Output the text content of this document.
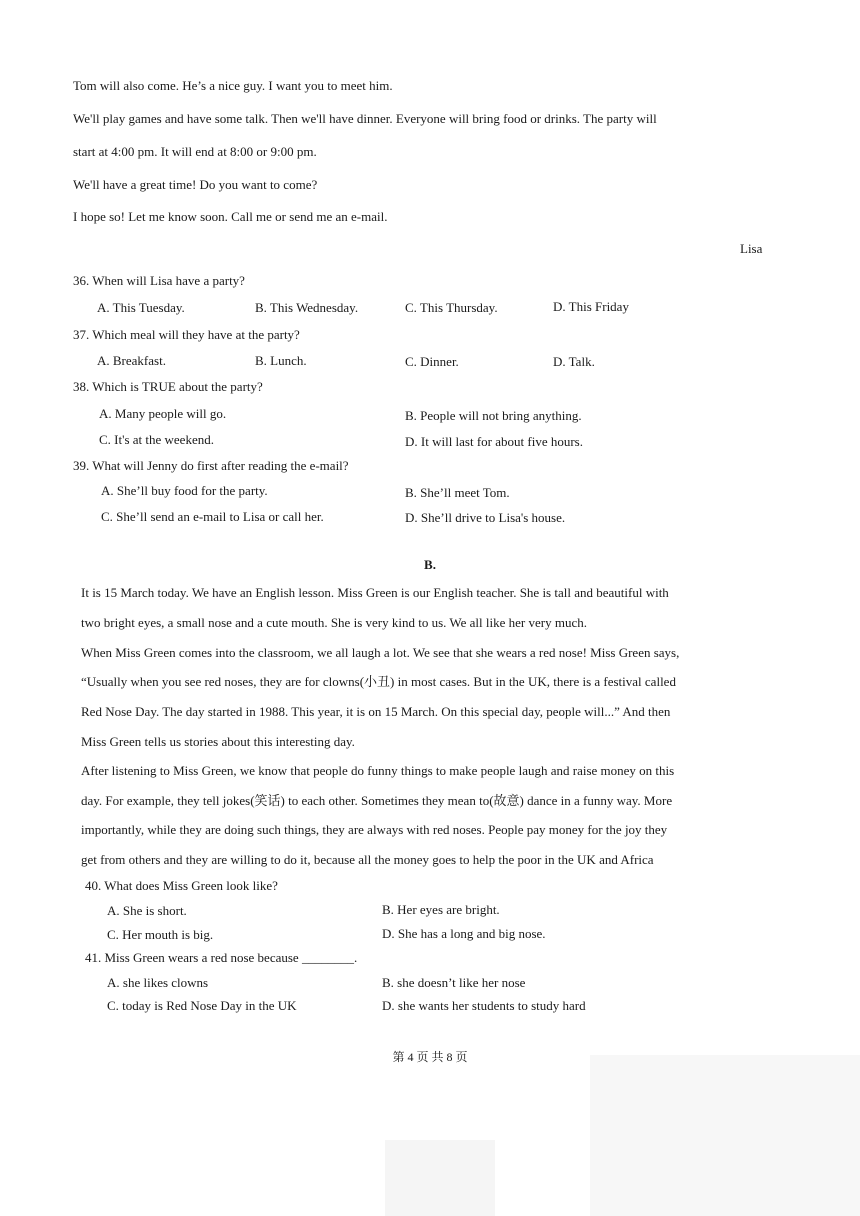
Tom will also come. He’s a nice guy. I want you to meet him.
We'll play games and have some talk. Then we'll have dinner. Everyone will bring food or drinks. The party will
start at 4:00 pm. It will end at 8:00 or 9:00 pm.
We'll have a great time! Do you want to come?
I hope so! Let me know soon. Call me or send me an e-mail.
Lisa
36. When will Lisa have a party?
A. This Tuesday.	B. This Wednesday.	C. This Thursday.	D. This Friday
37. Which meal will they have at the party?
A. Breakfast.	B. Lunch.	C. Dinner.	D. Talk.
38. Which is TRUE about the party?
A. Many people will go.	B. People will not bring anything.
C. It's at the weekend.	D. It will last for about five hours.
39. What will Jenny do first after reading the e-mail?
A. She’ll buy food for the party.	B. She’ll meet Tom.
C. She’ll send an e-mail to Lisa or call her.	D. She’ll drive to Lisa's house.
B.
It is 15 March today. We have an English lesson. Miss Green is our English teacher. She is tall and beautiful with
two bright eyes, a small nose and a cute mouth. She is very kind to us. We all like her very much.
When Miss Green comes into the classroom, we all laugh a lot. We see that she wears a red nose! Miss Green says,
“Usually when you see red noses, they are for clowns(小丑) in most cases. But in the UK, there is a festival called
Red Nose Day. The day started in 1988. This year, it is on 15 March. On this special day, people will...” And then
Miss Green tells us stories about this interesting day.
After listening to Miss Green, we know that people do funny things to make people laugh and raise money on this
day. For example, they tell jokes(笑话) to each other. Sometimes they mean to(故意) dance in a funny way. More
importantly, while they are doing such things, they are always with red noses. People pay money for the joy they
get from others and they are willing to do it, because all the money goes to help the poor in the UK and Africa
40. What does Miss Green look like?
A. She is short.	B. Her eyes are bright.
C. Her mouth is big.	D. She has a long and big nose.
41. Miss Green wears a red nose because ________.
A. she likes clowns	B. she doesn’t like her nose
C. today is Red Nose Day in the UK	D. she wants her students to study hard
第 4 页 共 8 页
